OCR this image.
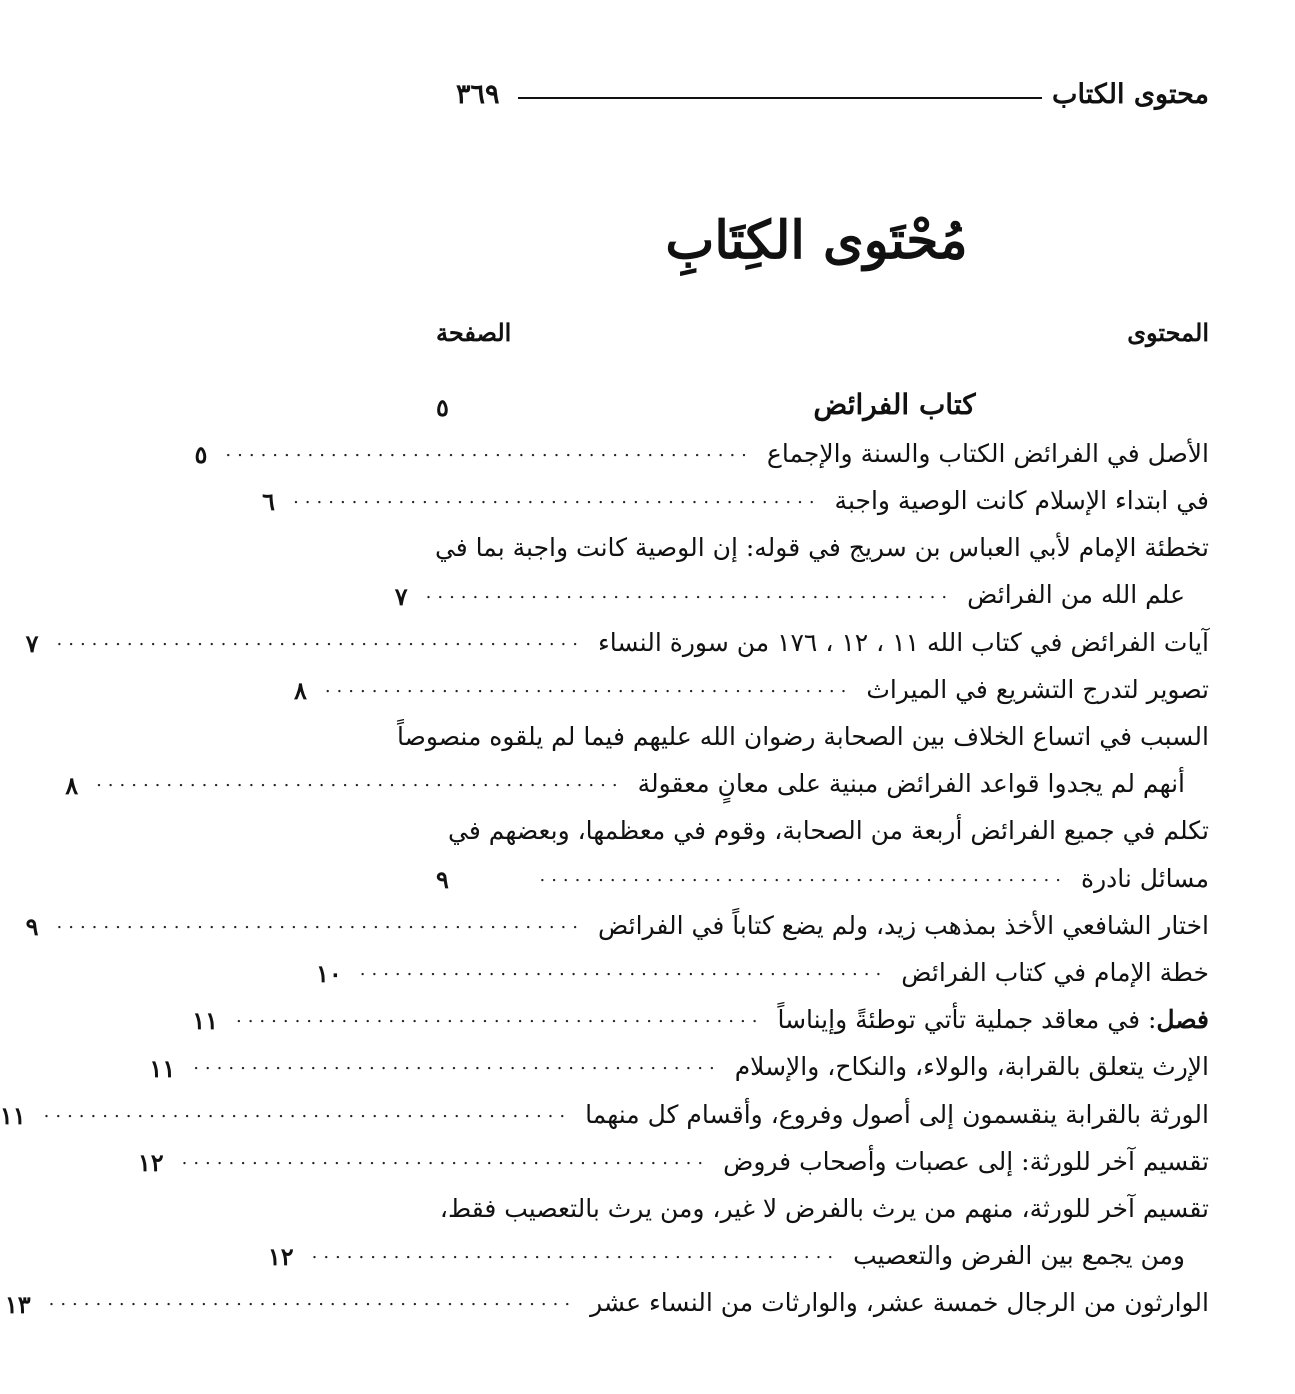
محتوى الكتاب
٣٦٩
مُحْتَوى الكِتَابِ
المحتوى
الصفحة
كتاب الفرائض
٥
الأصل في الفرائض الكتاب والسنة والإجماع
.............................................
٥
في ابتداء الإسلام كانت الوصية واجبة
.............................................
٦
تخطئة الإمام لأبي العباس بن سريج في قوله: إن الوصية كانت واجبة بما في
علم الله من الفرائض
.............................................
٧
آيات الفرائض في كتاب الله ١١ ، ١٢ ، ١٧٦ من سورة النساء
.............................................
٧
تصوير لتدرج التشريع في الميراث
.............................................
٨
السبب في اتساع الخلاف بين الصحابة رضوان الله عليهم فيما لم يلقوه منصوصاً
أنهم لم يجدوا قواعد الفرائض مبنية على معانٍ معقولة
.............................................
٨
تكلم في جميع الفرائض أربعة من الصحابة، وقوم في معظمها، وبعضهم في
مسائل نادرة
.............................................
٩
اختار الشافعي الأخذ بمذهب زيد، ولم يضع كتاباً في الفرائض
.............................................
٩
خطة الإمام في كتاب الفرائض
.............................................
١٠
فصل: في معاقد جملية تأتي توطئةً وإيناساً
.............................................
١١
الإرث يتعلق بالقرابة، والولاء، والنكاح، والإسلام
.............................................
١١
الورثة بالقرابة ينقسمون إلى أصول وفروع، وأقسام كل منهما
.............................................
١١
تقسيم آخر للورثة: إلى عصبات وأصحاب فروض
.............................................
١٢
تقسيم آخر للورثة، منهم من يرث بالفرض لا غير، ومن يرث بالتعصيب فقط،
ومن يجمع بين الفرض والتعصيب
.............................................
١٢
الوارثون من الرجال خمسة عشر، والوارثات من النساء عشر
.............................................
١٣
